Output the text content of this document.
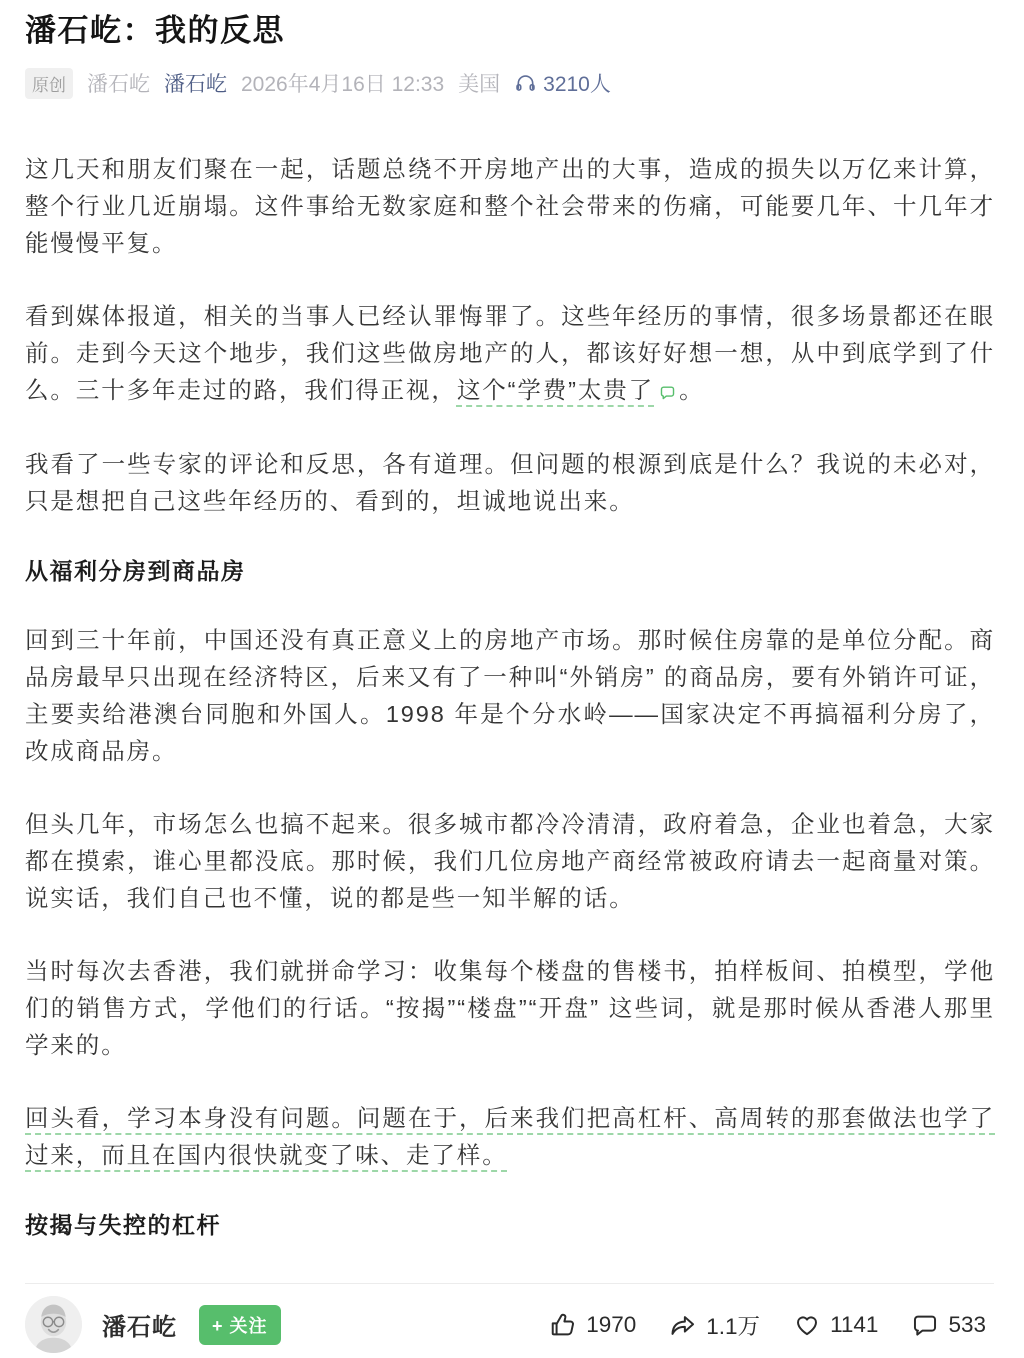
潘石屹：我的反思
原创	潘石屹 潘石屹 2026年4月16日 12:33 美国 3210人

这几天和朋友们聚在一起，话题总绕不开房地产出的大事，造成的损失以万亿来计算，整个行业几近崩塌。这件事给无数家庭和整个社会带来的伤痛，可能要几年、十几年才能慢慢平复。

看到媒体报道，相关的当事人已经认罪悔罪了。这些年经历的事情，很多场景都还在眼前。走到今天这个地步，我们这些做房地产的人，都该好好想一想，从中到底学到了什么。三十多年走过的路，我们得正视，这个“学费”太贵了 。

我看了一些专家的评论和反思，各有道理。但问题的根源到底是什么？我说的未必对，只是想把自己这些年经历的、看到的，坦诚地说出来。

从福利分房到商品房

回到三十年前，中国还没有真正意义上的房地产市场。那时候住房靠的是单位分配。商品房最早只出现在经济特区，后来又有了一种叫“外销房” 的商品房，要有外销许可证，主要卖给港澳台同胞和外国人。1998 年是个分水岭——国家决定不再搞福利分房了，改成商品房。

但头几年，市场怎么也搞不起来。很多城市都冷冷清清，政府着急，企业也着急，大家都在摸索，谁心里都没底。那时候，我们几位房地产商经常被政府请去一起商量对策。说实话，我们自己也不懂，说的都是些一知半解的话。

当时每次去香港，我们就拼命学习：收集每个楼盘的售楼书，拍样板间、拍模型，学他们的销售方式，学他们的行话。“按揭”“楼盘”“开盘” 这些词，就是那时候从香港人那里学来的。

回头看，学习本身没有问题。问题在于，后来我们把高杠杆、高周转的那套做法也学了过来，而且在国内很快就变了味、走了样。

按揭与失控的杠杆
潘石屹	+ 关注	1970	1.1万	1141	533
